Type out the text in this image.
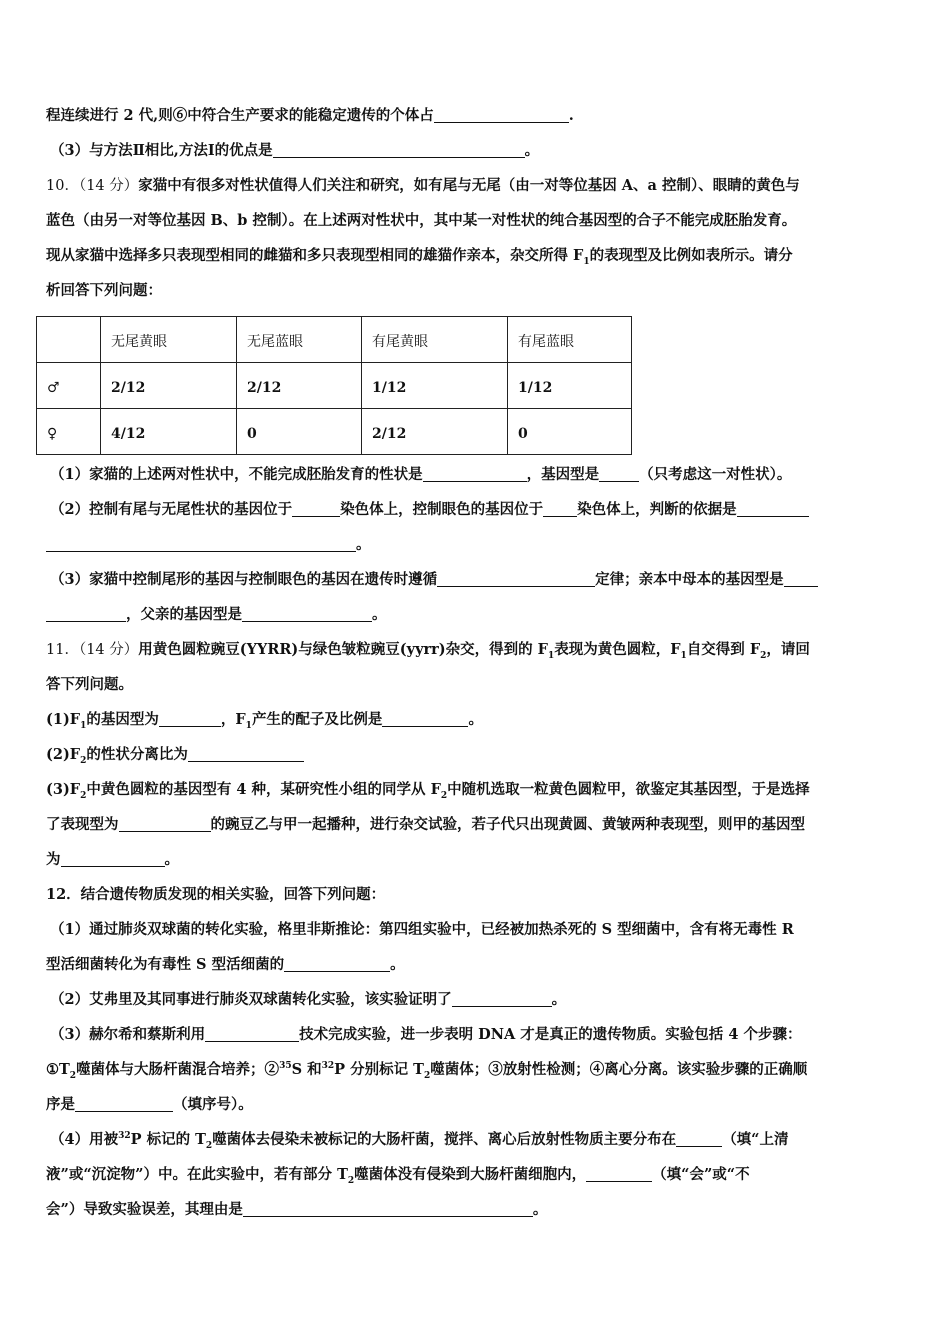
程连续进行 2 代,则⑥中符合生产要求的能稳定遗传的个体占	.
（3）与方法Ⅱ相比,方法Ⅰ的优点是	。
10．（14 分）家猫中有很多对性状值得人们关注和研究，如有尾与无尾（由一对等位基因 A、a 控制）、眼睛的黄色与
蓝色（由另一对等位基因 B、b 控制）。在上述两对性状中，其中某一对性状的纯合基因型的合子不能完成胚胎发育。
现从家猫中选择多只表现型相同的雌猫和多只表现型相同的雄猫作亲本，杂交所得 $F_1$的表现型及比例如表所示。请分
析回答下列问题：
	无尾黄眼	无尾蓝眼	有尾黄眼	有尾蓝眼
♂	2/12	2/12	1/12	1/12
♀	4/12	0	2/12	0
（1）家猫的上述两对性状中，不能完成胚胎发育的性状是	，基因型是	（只考虑这一对性状）。
（2）控制有尾与无尾性状的基因位于	染色体上，控制眼色的基因位于 染色体上，判断的依据是
。
（3）家猫中控制尾形的基因与控制眼色的基因在遗传时遵循	定律；亲本中母本的基因型是
，父亲的基因型是	。
11．（14 分）用黄色圆粒豌豆(YYRR)与绿色皱粒豌豆(yyrr)杂交，得到的 $F_1$表现为黄色圆粒，$F_1$自交得到 $F_2$，请回
答下列问题。
$(1)F_1$的基因型为	，$F_1$产生的配子及比例是	。
$(2)F_2$的性状分离比为
$(3)F_2$中黄色圆粒的基因型有 4 种，某研究性小组的同学从 $F_2$中随机选取一粒黄色圆粒甲，欲鉴定其基因型，于是选择
了表现型为	的豌豆乙与甲一起播种，进行杂交试验，若子代只出现黄圆、黄皱两种表现型，则甲的基因型
为	。
12．结合遗传物质发现的相关实验，回答下列问题：
（1）通过肺炎双球菌的转化实验，格里非斯推论：第四组实验中，已经被加热杀死的 S 型细菌中，含有将无毒性 R
型活细菌转化为有毒性 S 型活细菌的	。
（2）艾弗里及其同事进行肺炎双球菌转化实验，该实验证明了	。
（3）赫尔希和蔡斯利用	技术完成实验，进一步表明 DNA 才是真正的遗传物质。实验包括 4 个步骤：
$①T_2$噬菌体与大肠杆菌混合培养；②$^{35}$S 和$^{32}$P 分别标记 $T_2$噬菌体；③放射性检测；④离心分离。该实验步骤的正确顺
序是	（填序号）。
（4）用被$^{32}$P 标记的 $T_2$噬菌体去侵染未被标记的大肠杆菌，搅拌、离心后放射性物质主要分布在	（填“上清
液”或“沉淀物”）中。在此实验中，若有部分 $T_2$噬菌体没有侵染到大肠杆菌细胞内，	（填“会”或“不
会”）导致实验误差，其理由是	。
